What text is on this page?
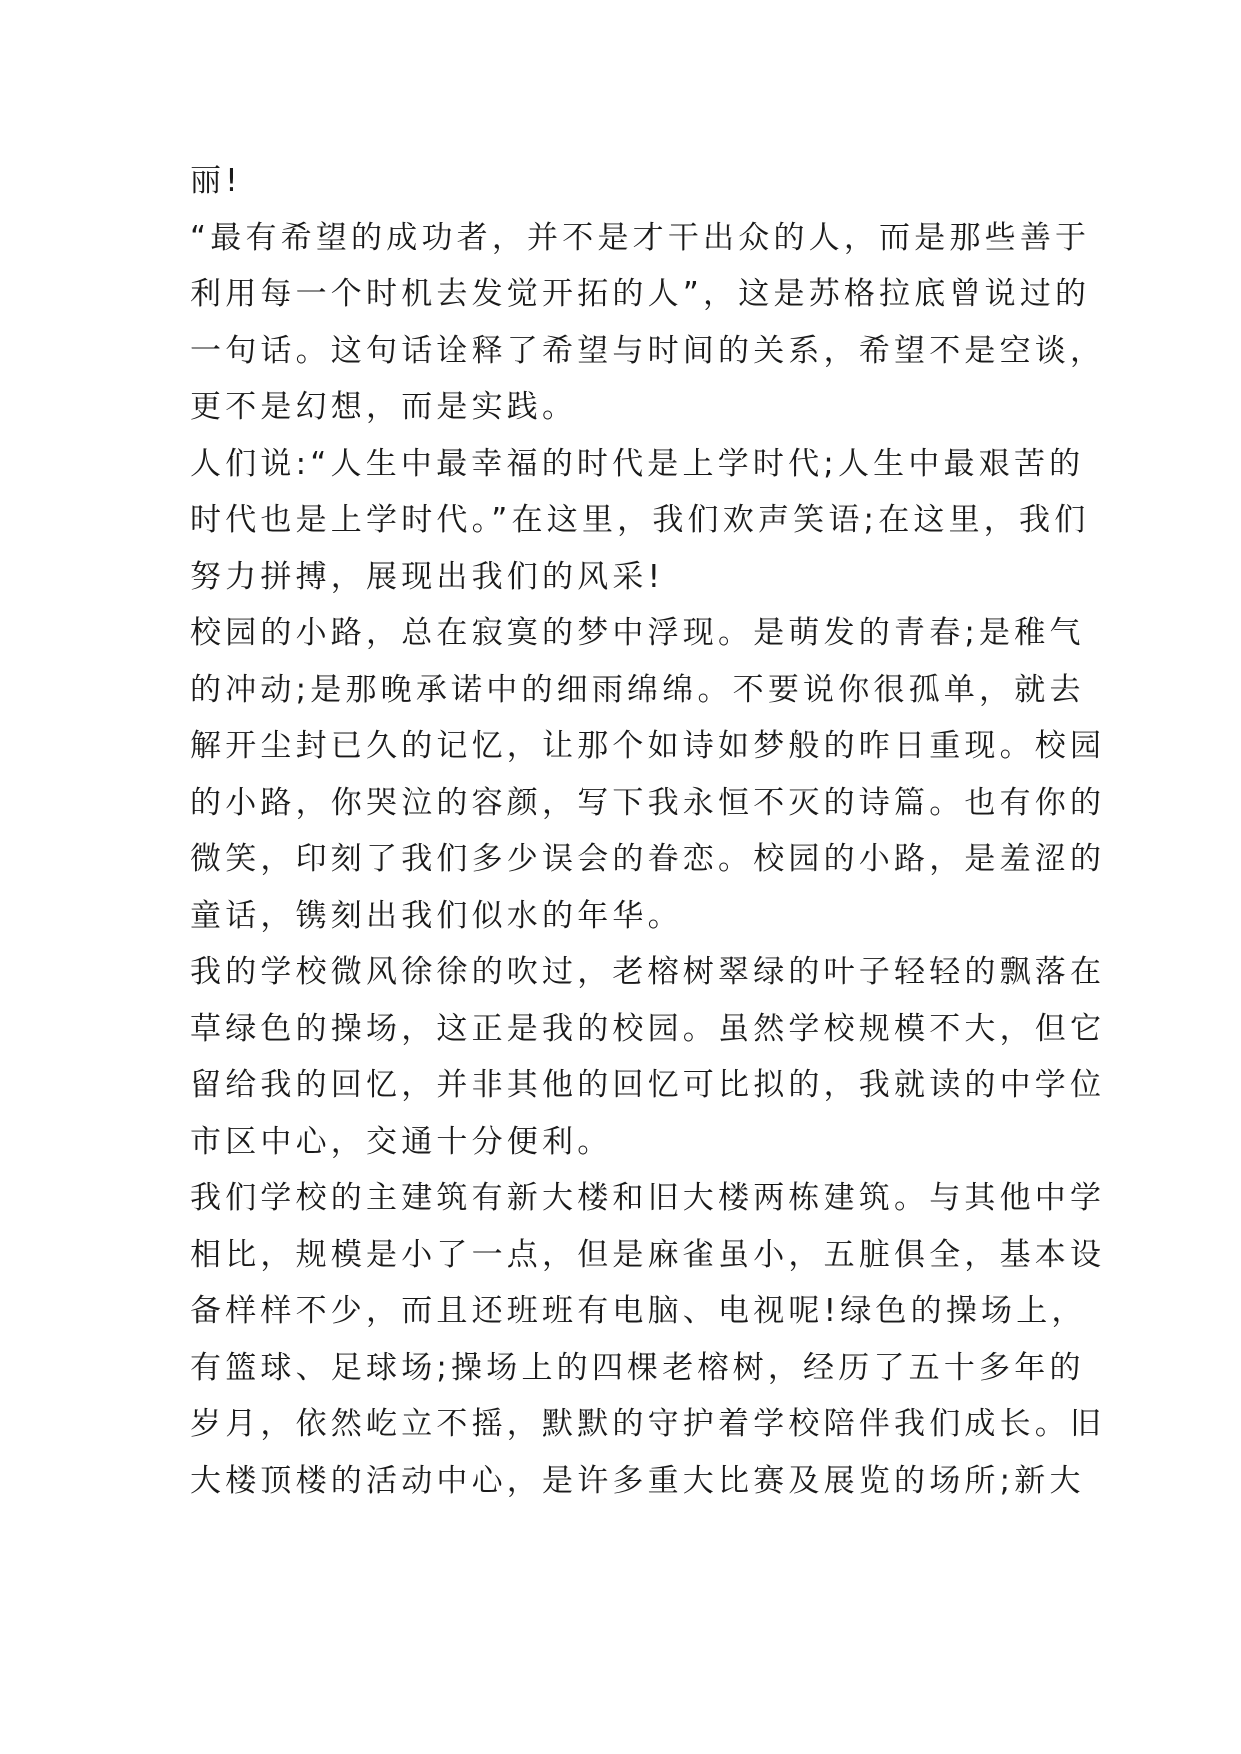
丽!
“最有希望的成功者，并不是才干出众的人，而是那些善于
利用每一个时机去发觉开拓的人”，这是苏格拉底曾说过的
一句话。这句话诠释了希望与时间的关系，希望不是空谈，
更不是幻想，而是实践。
人们说:“人生中最幸福的时代是上学时代;人生中最艰苦的
时代也是上学时代。”在这里，我们欢声笑语;在这里，我们
努力拼搏，展现出我们的风采!
校园的小路，总在寂寞的梦中浮现。是萌发的青春;是稚气
的冲动;是那晚承诺中的细雨绵绵。不要说你很孤单，就去
解开尘封已久的记忆，让那个如诗如梦般的昨日重现。校园
的小路，你哭泣的容颜，写下我永恒不灭的诗篇。也有你的
微笑，印刻了我们多少误会的眷恋。校园的小路，是羞涩的
童话，镌刻出我们似水的年华。
我的学校微风徐徐的吹过，老榕树翠绿的叶子轻轻的飘落在
草绿色的操场，这正是我的校园。虽然学校规模不大，但它
留给我的回忆，并非其他的回忆可比拟的，我就读的中学位
市区中心，交通十分便利。
我们学校的主建筑有新大楼和旧大楼两栋建筑。与其他中学
相比，规模是小了一点，但是麻雀虽小，五脏俱全，基本设
备样样不少，而且还班班有电脑、电视呢!绿色的操场上，
有篮球、足球场;操场上的四棵老榕树，经历了五十多年的
岁月，依然屹立不摇，默默的守护着学校陪伴我们成长。旧
大楼顶楼的活动中心，是许多重大比赛及展览的场所;新大
